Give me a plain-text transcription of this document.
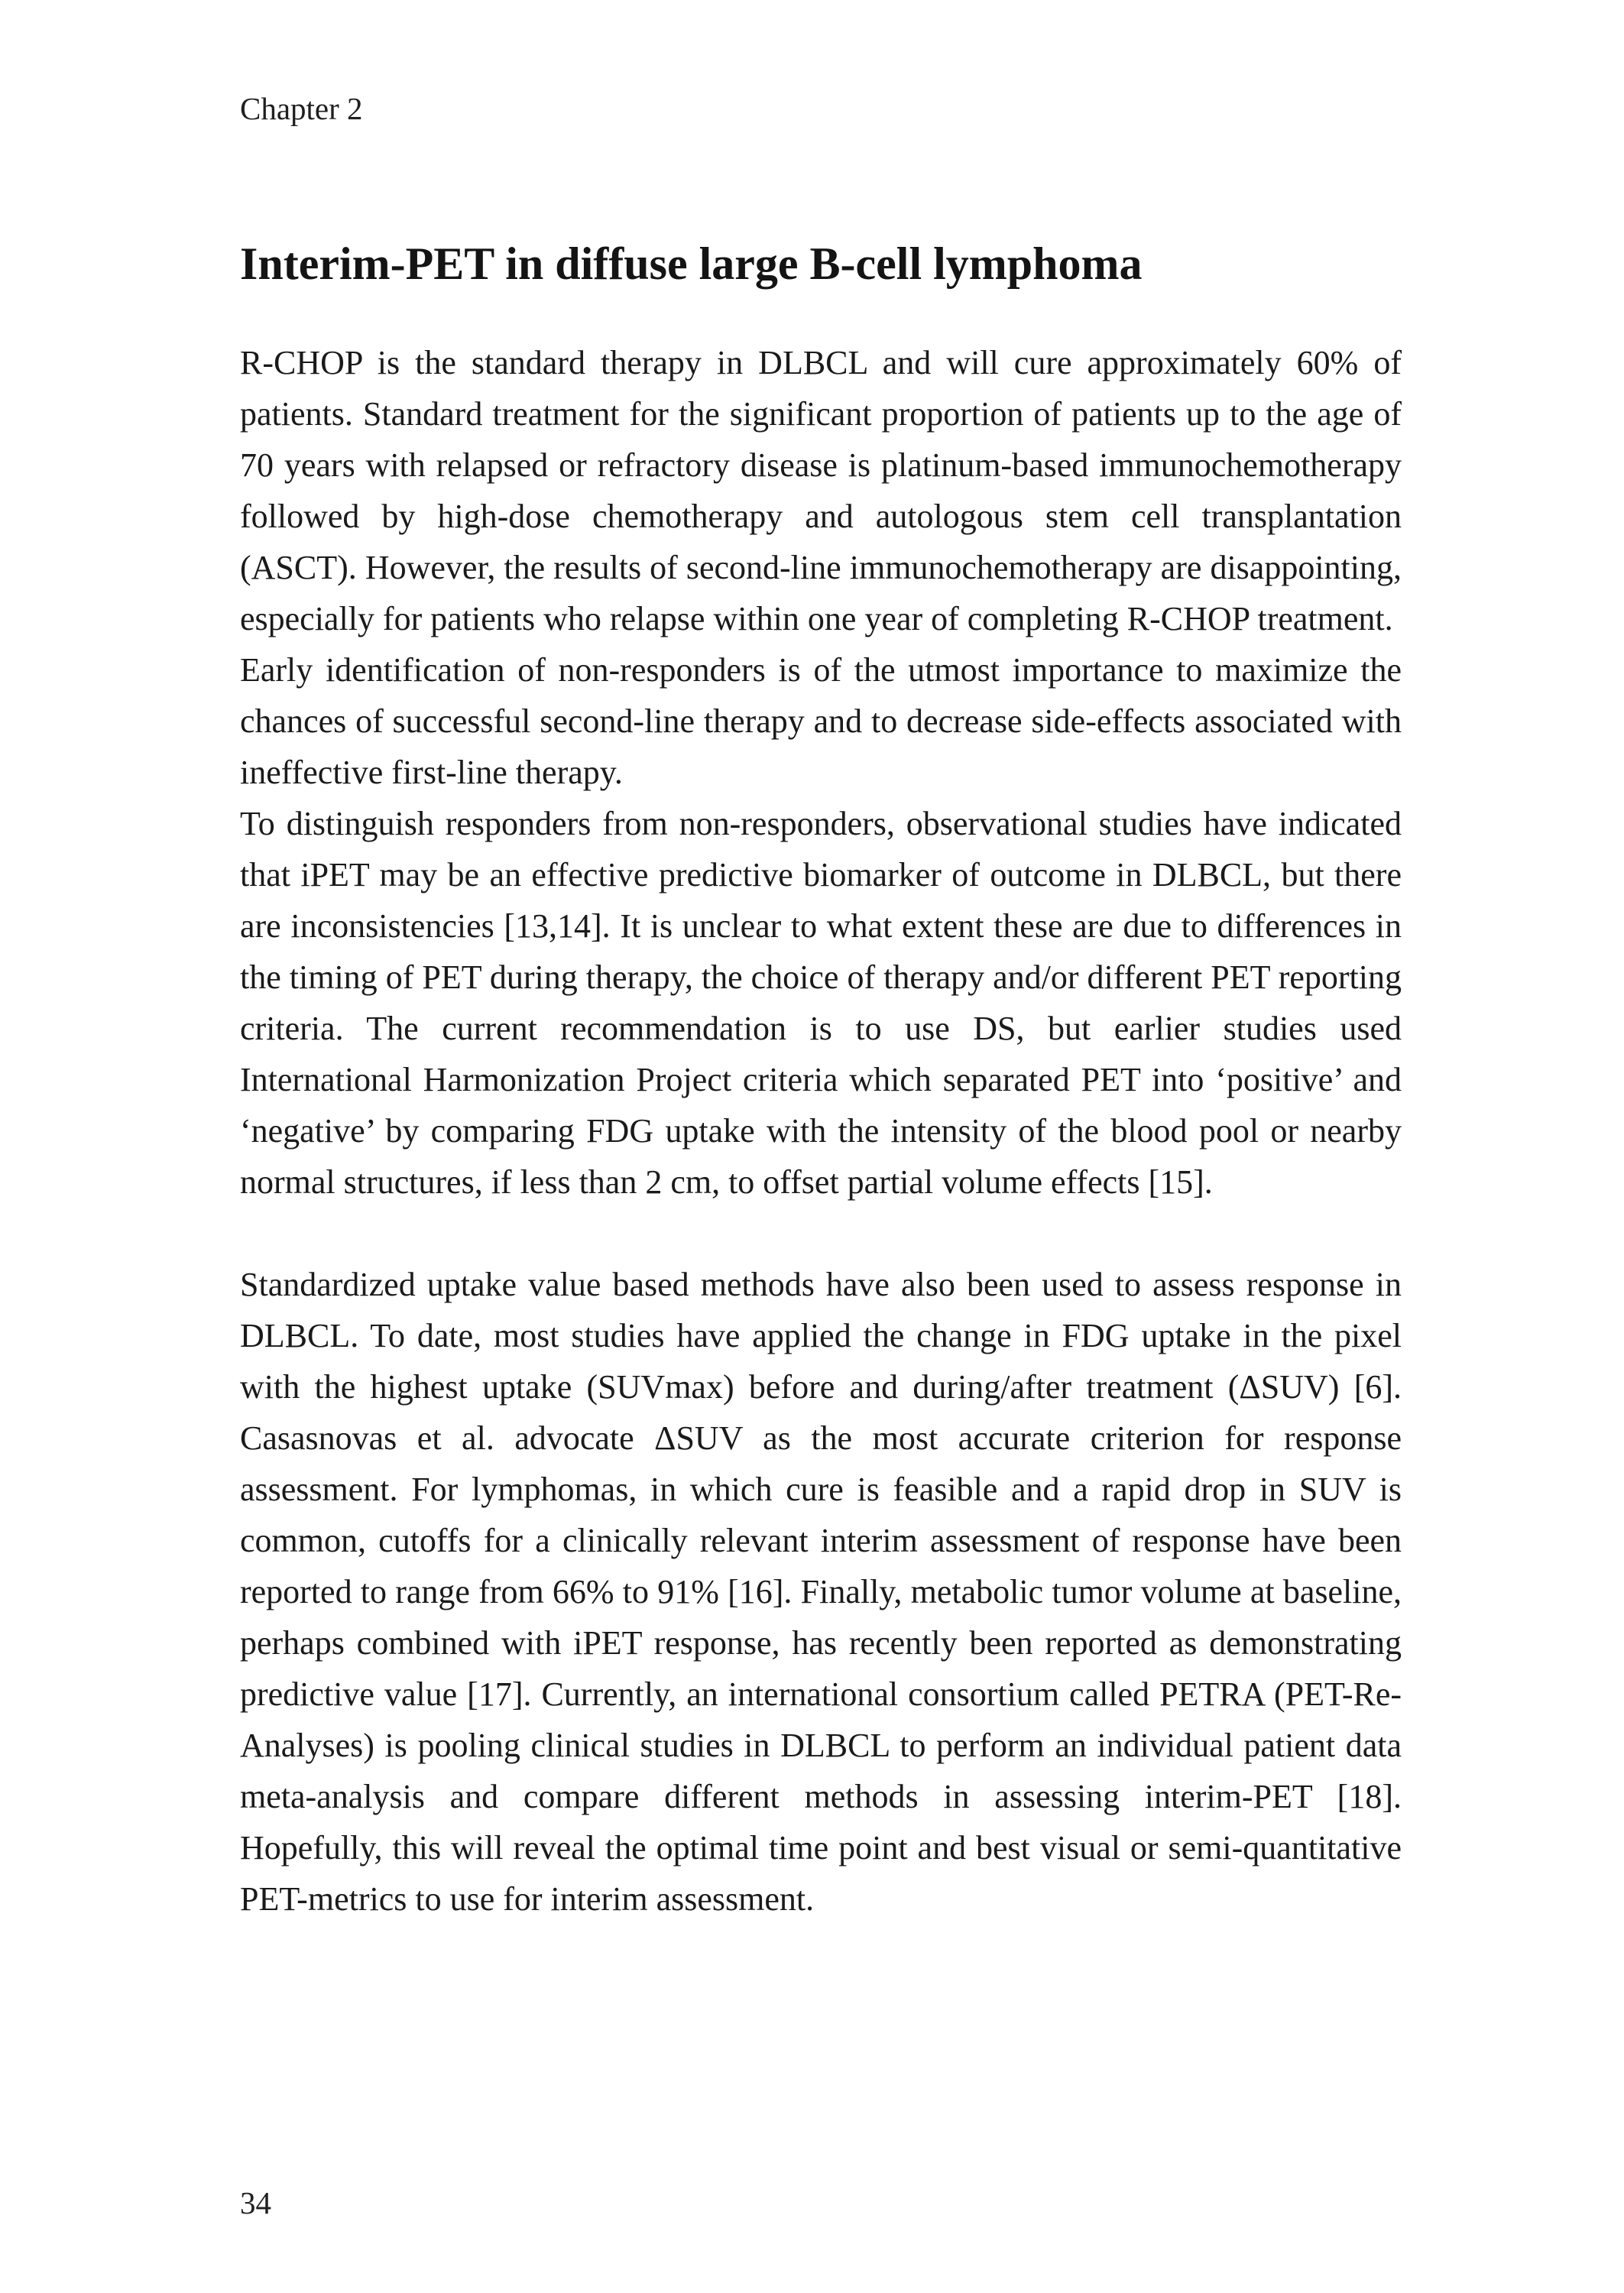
Chapter 2
Interim-PET in diffuse large B-cell lymphoma

R-CHOP is the standard therapy in DLBCL and will cure approximately 60% of patients. Standard treatment for the significant proportion of patients up to the age of 70 years with relapsed or refractory disease is platinum-based immunochemotherapy followed by high-dose chemotherapy and autologous stem cell transplantation (ASCT). However, the results of second-line immunochemotherapy are disappointing, especially for patients who relapse within one year of completing R-CHOP treatment.

Early identification of non-responders is of the utmost importance to maximize the chances of successful second-line therapy and to decrease side-effects associated with ineffective first-line therapy.

To distinguish responders from non-responders, observational studies have indicated that iPET may be an effective predictive biomarker of outcome in DLBCL, but there are inconsistencies [13,14]. It is unclear to what extent these are due to differences in the timing of PET during therapy, the choice of therapy and/or different PET reporting criteria. The current recommendation is to use DS, but earlier studies used International Harmonization Project criteria which separated PET into ‘positive’ and ‘negative’ by comparing FDG uptake with the intensity of the blood pool or nearby normal structures, if less than 2 cm, to offset partial volume effects [15].

Standardized uptake value based methods have also been used to assess response in DLBCL. To date, most studies have applied the change in FDG uptake in the pixel with the highest uptake (SUVmax) before and during/after treatment (ΔSUV) [6]. Casasnovas et al. advocate ΔSUV as the most accurate criterion for response assessment. For lymphomas, in which cure is feasible and a rapid drop in SUV is common, cutoffs for a clinically relevant interim assessment of response have been reported to range from 66% to 91% [16]. Finally, metabolic tumor volume at baseline, perhaps combined with iPET response, has recently been reported as demonstrating predictive value [17]. Currently, an international consortium called PETRA (PET-Re-Analyses) is pooling clinical studies in DLBCL to perform an individual patient data meta-analysis and compare different methods in assessing interim-PET [18]. Hopefully, this will reveal the optimal time point and best visual or semi-quantitative PET-metrics to use for interim assessment.

34
